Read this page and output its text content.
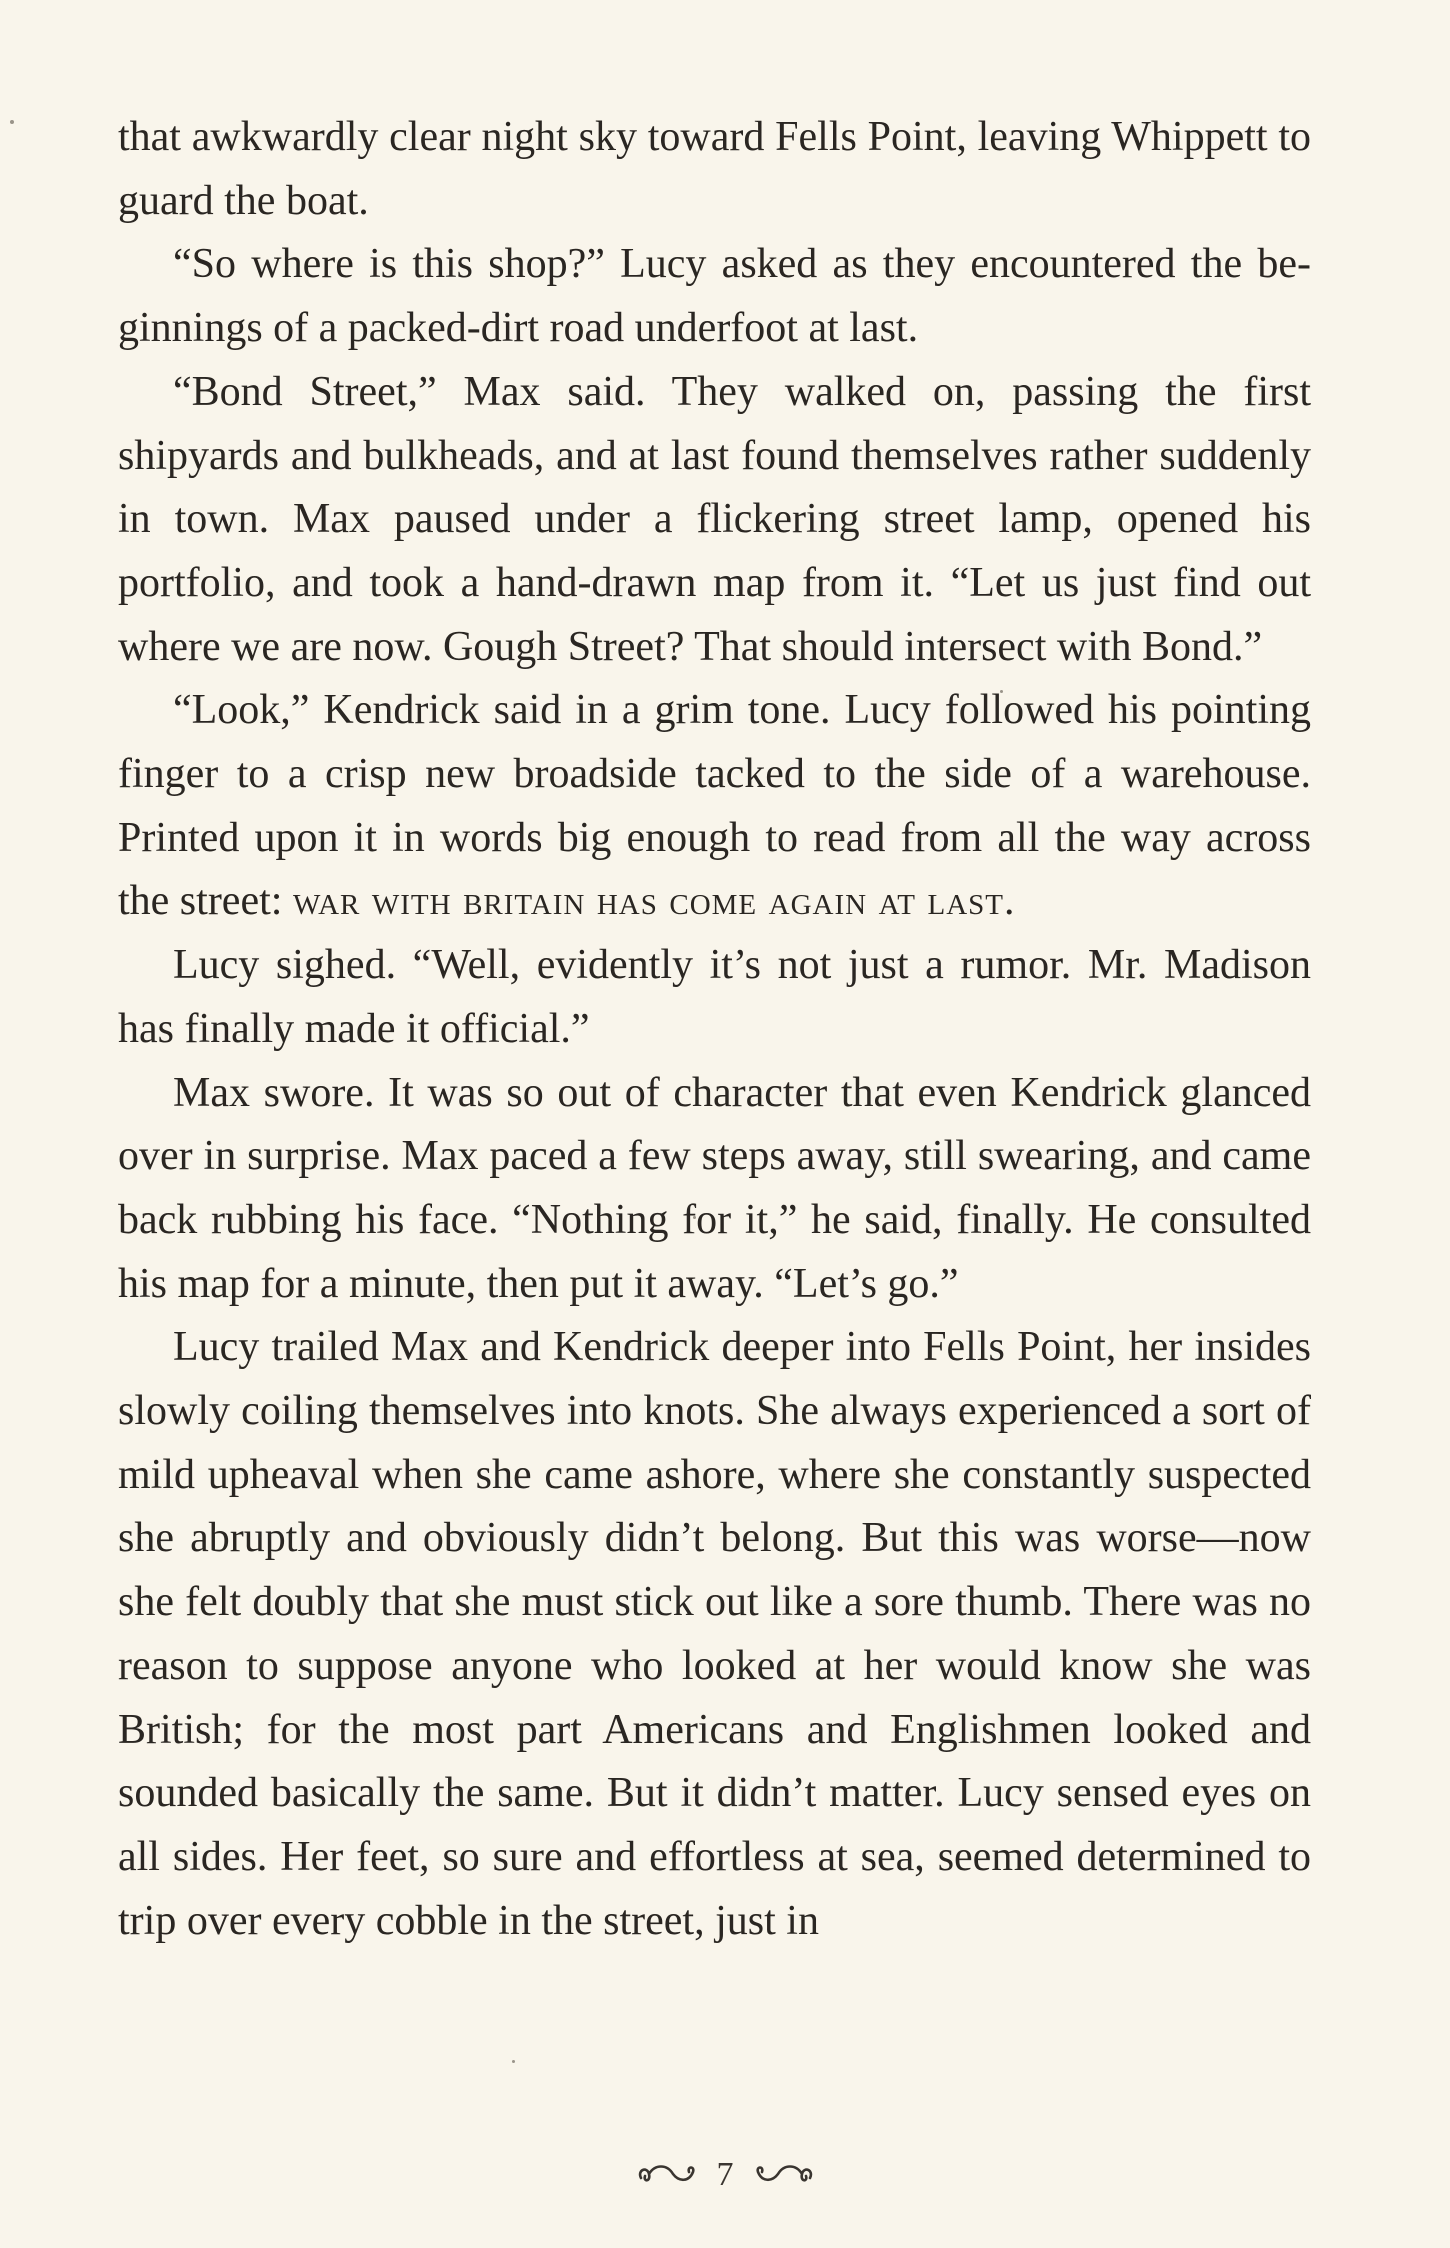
that awkwardly clear night sky toward Fells Point, leaving Whippett to guard the boat.

“So where is this shop?” Lucy asked as they encountered the beginnings of a packed-dirt road underfoot at last.

“Bond Street,” Max said. They walked on, passing the first shipyards and bulkheads, and at last found themselves rather suddenly in town. Max paused under a flickering street lamp, opened his portfolio, and took a hand-drawn map from it. “Let us just find out where we are now. Gough Street? That should intersect with Bond.”

“Look,” Kendrick said in a grim tone. Lucy followed his pointing finger to a crisp new broadside tacked to the side of a warehouse. Printed upon it in words big enough to read from all the way across the street: war with britain has come again at last.

Lucy sighed. “Well, evidently it’s not just a rumor. Mr. Madison has finally made it official.”

Max swore. It was so out of character that even Kendrick glanced over in surprise. Max paced a few steps away, still swearing, and came back rubbing his face. “Nothing for it,” he said, finally. He consulted his map for a minute, then put it away. “Let’s go.”

Lucy trailed Max and Kendrick deeper into Fells Point, her insides slowly coiling themselves into knots. She always experienced a sort of mild upheaval when she came ashore, where she constantly suspected she abruptly and obviously didn’t belong. But this was worse—now she felt doubly that she must stick out like a sore thumb. There was no reason to suppose anyone who looked at her would know she was British; for the most part Americans and Englishmen looked and sounded basically the same. But it didn’t matter. Lucy sensed eyes on all sides. Her feet, so sure and effortless at sea, seemed determined to trip over every cobble in the street, just in

7
